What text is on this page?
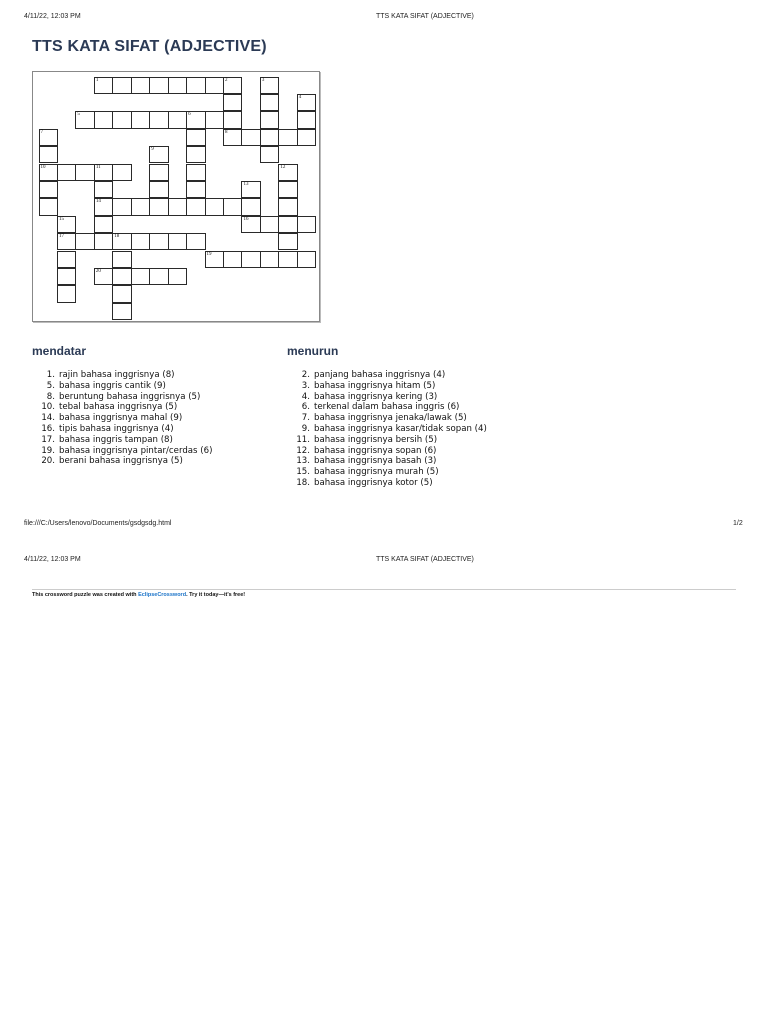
4/11/22, 12:03 PM	TTS KATA SIFAT (ADJECTIVE)
TTS KATA SIFAT (ADJECTIVE)
1	2
5	6
8
10	11
14
16
17	18
19
20
3
4
7
9
12
13
15
mendatar
1. rajin bahasa inggrisnya (8)
5. bahasa inggris cantik (9)
8. beruntung bahasa inggrisnya (5)
10. tebal bahasa inggrisnya (5)
14. bahasa inggrisnya mahal (9)
16. tipis bahasa inggrisnya (4)
17. bahasa inggris tampan (8)
19. bahasa inggrisnya pintar/cerdas (6)
20. berani bahasa inggrisnya (5)
menurun
2. panjang bahasa inggrisnya (4)
3. bahasa inggrisnya hitam (5)
4. bahasa inggrisnya kering (3)
6. terkenal dalam bahasa inggris (6)
7. bahasa inggrisnya jenaka/lawak (5)
9. bahasa inggrisnya kasar/tidak sopan (4)
11. bahasa inggrisnya bersih (5)
12. bahasa inggrisnya sopan (6)
13. bahasa inggrisnya basah (3)
15. bahasa inggrisnya murah (5)
18. bahasa inggrisnya kotor (5)
file:///C:/Users/lenovo/Documents/gsdgsdg.html	1/2
4/11/22, 12:03 PM	TTS KATA SIFAT (ADJECTIVE)
This crossword puzzle was created with EclipseCrossword. Try it today—it's free!
